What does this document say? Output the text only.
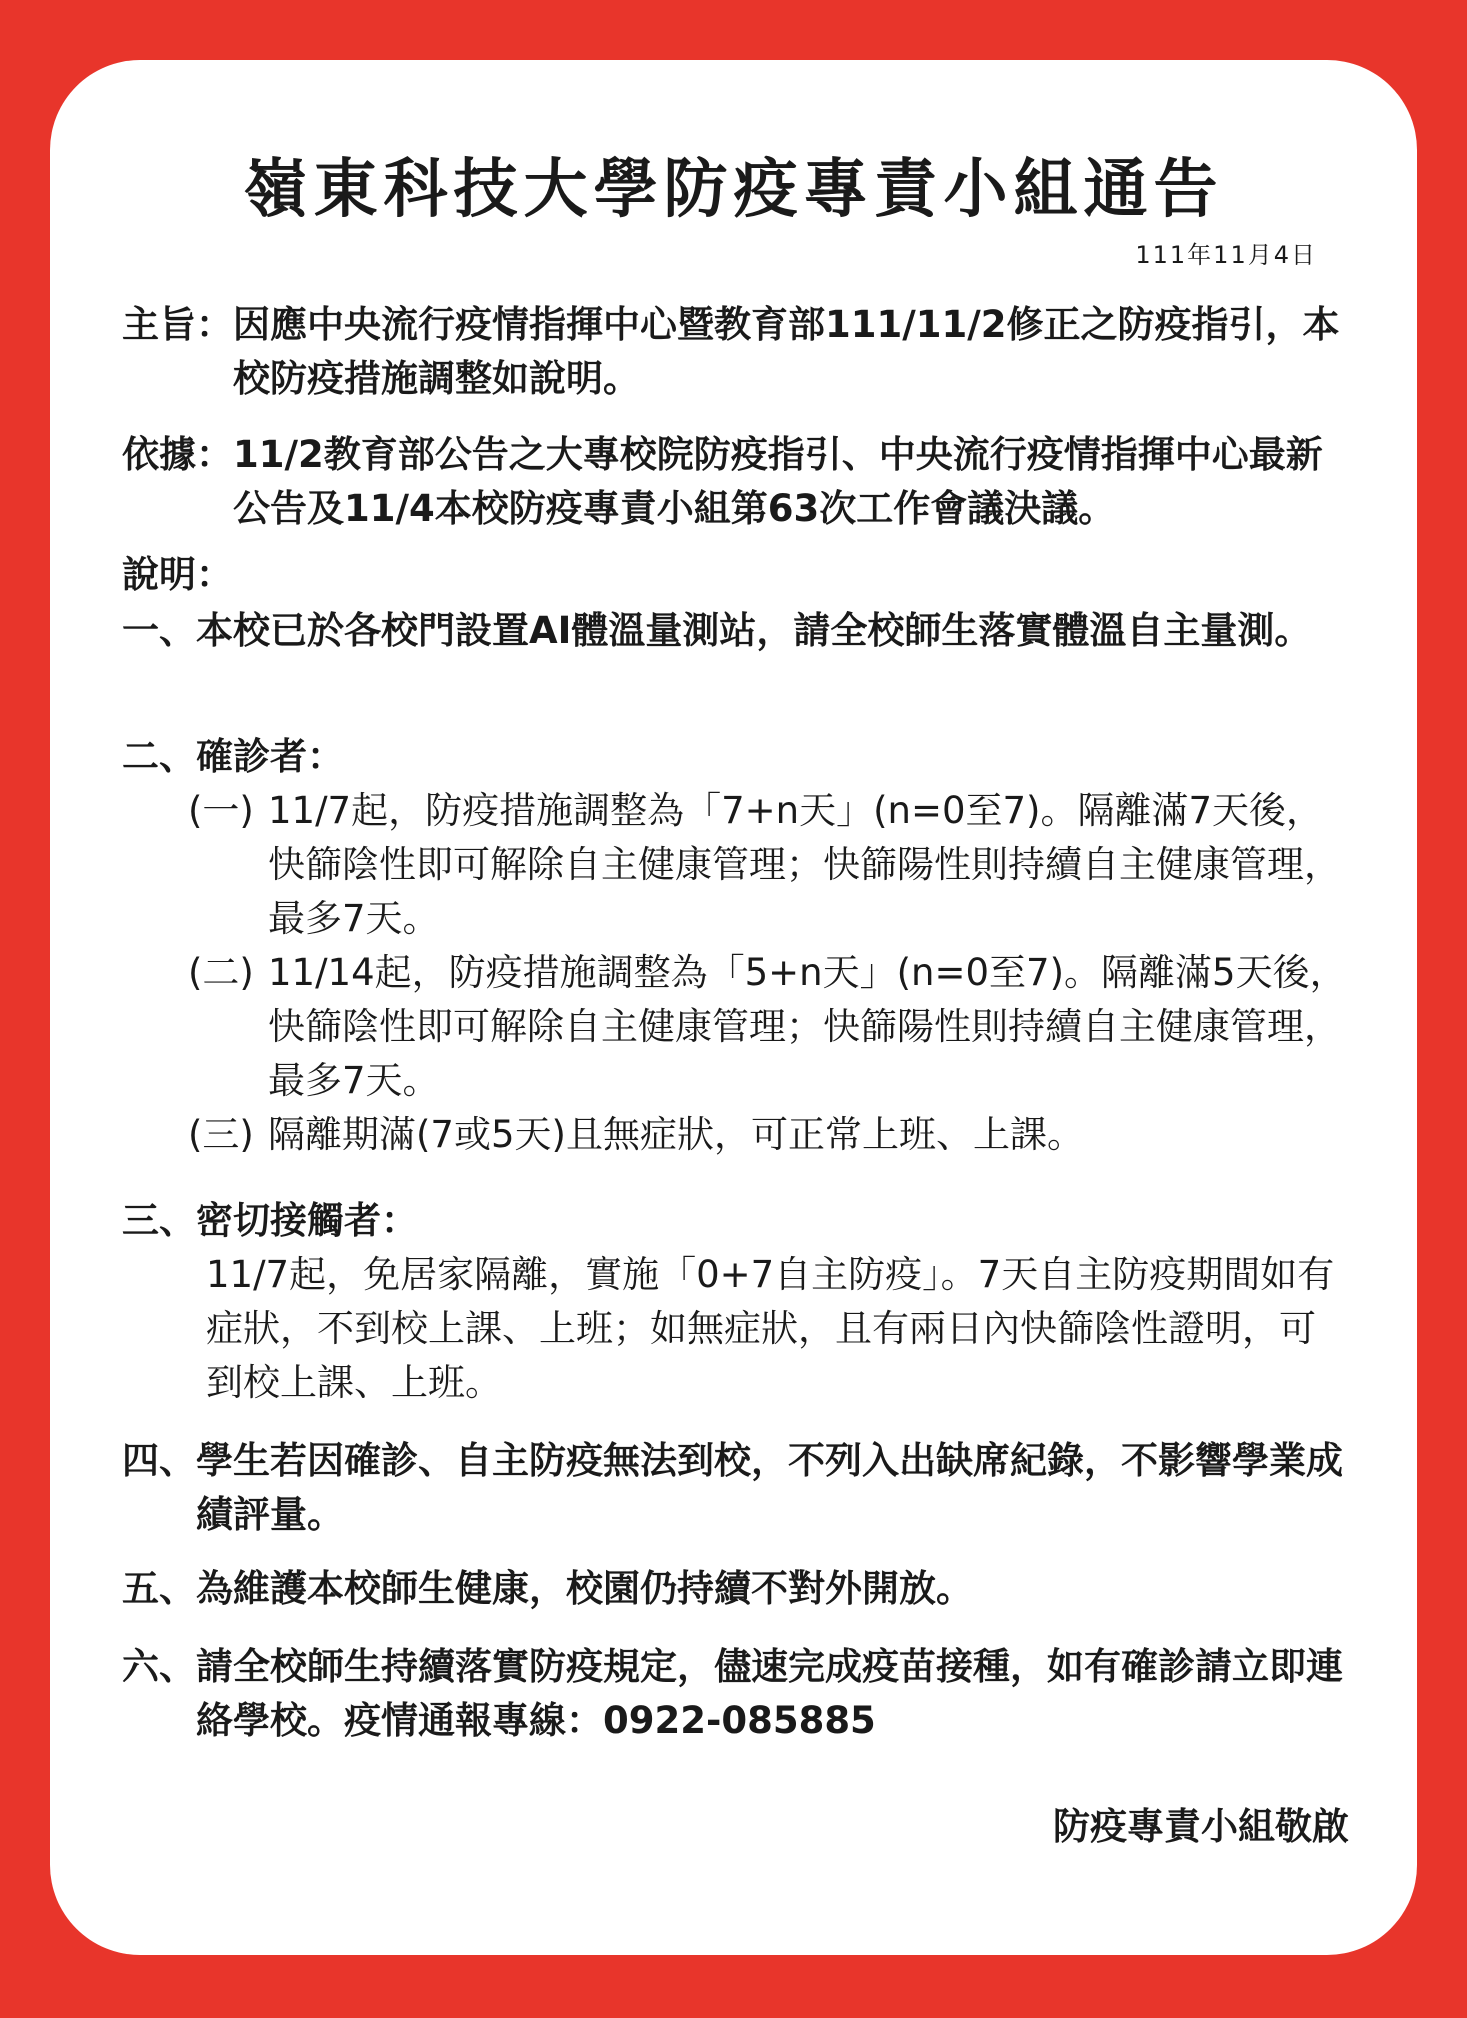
嶺東科技大學防疫專責小組通告
111年11月4日
主旨： 因應中央流行疫情指揮中心暨教育部111/11/2修正之防疫指引，本校防疫措施調整如說明。
依據： 11/2教育部公告之大專校院防疫指引、中央流行疫情指揮中心最新公告及11/4本校防疫專責小組第63次工作會議決議。
說明：
一、 本校已於各校門設置AI體溫量測站，請全校師生落實體溫自主量測。
二、 確診者：
(一) 11/7起，防疫措施調整為「7+n天」(n=0至7)。隔離滿7天後，快篩陰性即可解除自主健康管理；快篩陽性則持續自主健康管理，最多7天。
(二) 11/14起，防疫措施調整為「5+n天」(n=0至7)。隔離滿5天後，快篩陰性即可解除自主健康管理；快篩陽性則持續自主健康管理，最多7天。
(三) 隔離期滿(7或5天)且無症狀，可正常上班、上課。
三、 密切接觸者：
11/7起，免居家隔離，實施「0+7自主防疫」。7天自主防疫期間如有症狀，不到校上課、上班；如無症狀，且有兩日內快篩陰性證明，可到校上課、上班。
四、 學生若因確診、自主防疫無法到校，不列入出缺席紀錄，不影響學業成績評量。
五、 為維護本校師生健康，校園仍持續不對外開放。
六、 請全校師生持續落實防疫規定，儘速完成疫苗接種，如有確診請立即連絡學校。疫情通報專線：0922-085885
防疫專責小組敬啟
